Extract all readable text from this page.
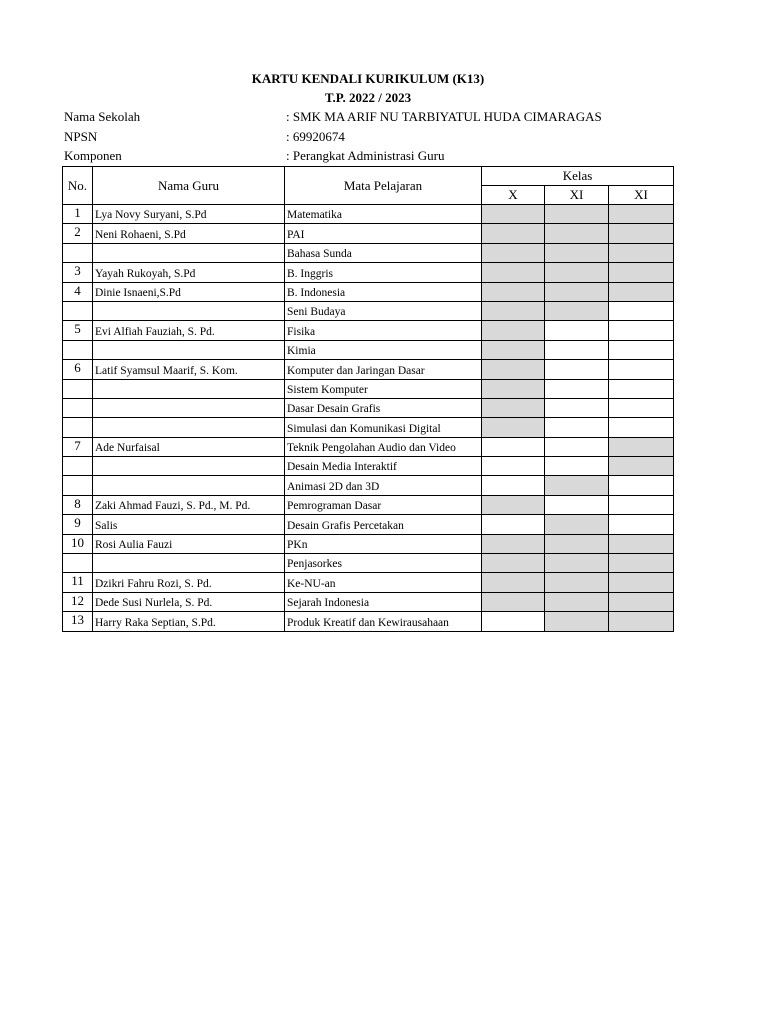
KARTU KENDALI KURIKULUM (K13)
T.P. 2022 / 2023
Nama Sekolah	: SMK MA ARIF NU TARBIYATUL HUDA CIMARAGAS
NPSN	: 69920674
Komponen	: Perangkat Administrasi Guru
No.	Nama Guru	Mata Pelajaran	Kelas		
			X	XI	XI
1	Lya Novy Suryani, S.Pd	Matematika			
2	Neni Rohaeni, S.Pd	PAI			
		Bahasa Sunda			
3	Yayah Rukoyah, S.Pd	B. Inggris			
4	Dinie Isnaeni,S.Pd	B. Indonesia			
		Seni Budaya			
5	Evi Alfiah Fauziah, S. Pd.	Fisika			
		Kimia			
6	Latif Syamsul Maarif, S. Kom.	Komputer dan Jaringan Dasar			
		Sistem Komputer			
		Dasar Desain Grafis			
		Simulasi dan Komunikasi Digital			
7	Ade Nurfaisal	Teknik Pengolahan Audio dan Video			
		Desain Media Interaktif			
		Animasi 2D dan 3D			
8	Zaki Ahmad Fauzi, S. Pd., M. Pd.	Pemrograman Dasar			
9	Salis	Desain Grafis Percetakan			
10	Rosi Aulia Fauzi	PKn			
		Penjasorkes			
11	Dzikri Fahru Rozi, S. Pd.	Ke-NU-an			
12	Dede Susi Nurlela, S. Pd.	Sejarah Indonesia			
13	Harry Raka Septian, S.Pd.	Produk Kreatif dan Kewirausahaan			
